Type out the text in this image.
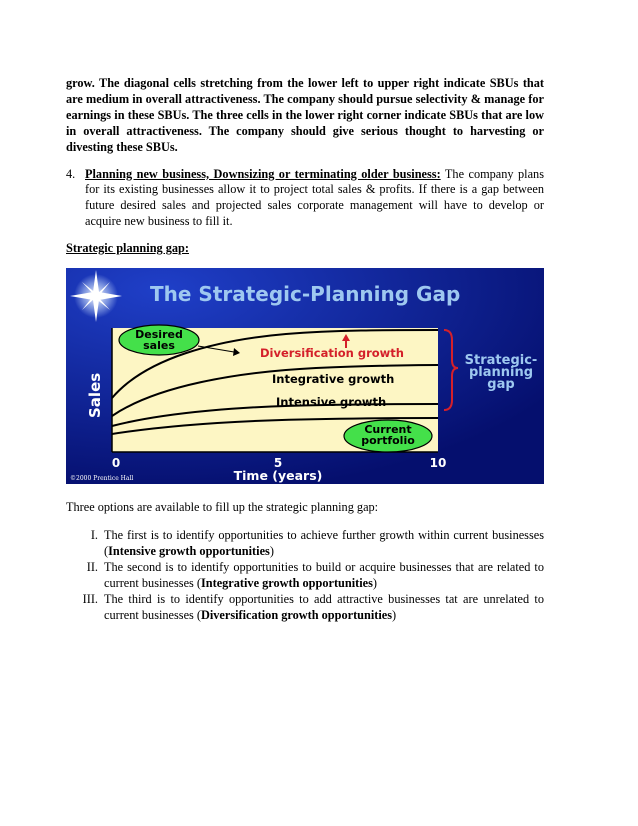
grow. The diagonal cells stretching from the lower left to upper right indicate SBUs that are medium in overall attractiveness. The company should pursue selectivity & manage for earnings in these SBUs. The three cells in the lower right corner indicate SBUs that are low in overall attractiveness. The company should give serious thought to harvesting or divesting these SBUs.

4. Planning new business, Downsizing or terminating older business: The company plans for its existing businesses allow it to project total sales & profits. If there is a gap between future desired sales and projected sales corporate management will have to develop or acquire new business to fill it.

Strategic planning gap:

The Strategic-Planning Gap
Desired
sales
Diversification growth
Integrative growth
Intensive growth
Current
portfolio
Strategic-
planning
gap
Sales
0	5	10
Time (years)
©2000 Prentice Hall

Three options are available to fill up the strategic planning gap:

I. The first is to identify opportunities to achieve further growth within current businesses (Intensive growth opportunities)
II. The second is to identify opportunities to build or acquire businesses that are related to current businesses (Integrative growth opportunities)
III. The third is to identify opportunities to add attractive businesses tat are unrelated to current businesses (Diversification growth opportunities)
